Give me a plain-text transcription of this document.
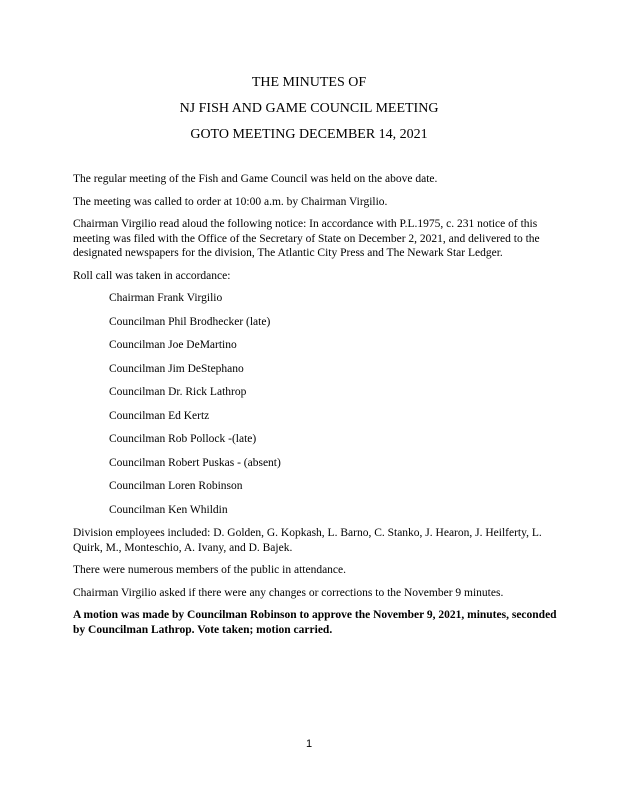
THE MINUTES OF
NJ FISH AND GAME COUNCIL MEETING
GOTO MEETING DECEMBER 14, 2021

The regular meeting of the Fish and Game Council was held on the above date.

The meeting was called to order at 10:00 a.m. by Chairman Virgilio.

Chairman Virgilio read aloud the following notice: In accordance with P.L.1975, c. 231 notice of this meeting was filed with the Office of the Secretary of State on December 2, 2021, and delivered to the designated newspapers for the division, The Atlantic City Press and The Newark Star Ledger.

Roll call was taken in accordance:

Chairman Frank Virgilio
Councilman Phil Brodhecker (late)
Councilman Joe DeMartino
Councilman Jim DeStephano
Councilman Dr. Rick Lathrop
Councilman Ed Kertz
Councilman Rob Pollock -(late)
Councilman Robert Puskas - (absent)
Councilman Loren Robinson
Councilman Ken Whildin

Division employees included: D. Golden, G. Kopkash, L. Barno, C. Stanko, J. Hearon, J. Heilferty, L. Quirk, M., Monteschio, A. Ivany, and D. Bajek.

There were numerous members of the public in attendance.

Chairman Virgilio asked if there were any changes or corrections to the November 9 minutes.

A motion was made by Councilman Robinson to approve the November 9, 2021, minutes, seconded by Councilman Lathrop. Vote taken; motion carried.

1
